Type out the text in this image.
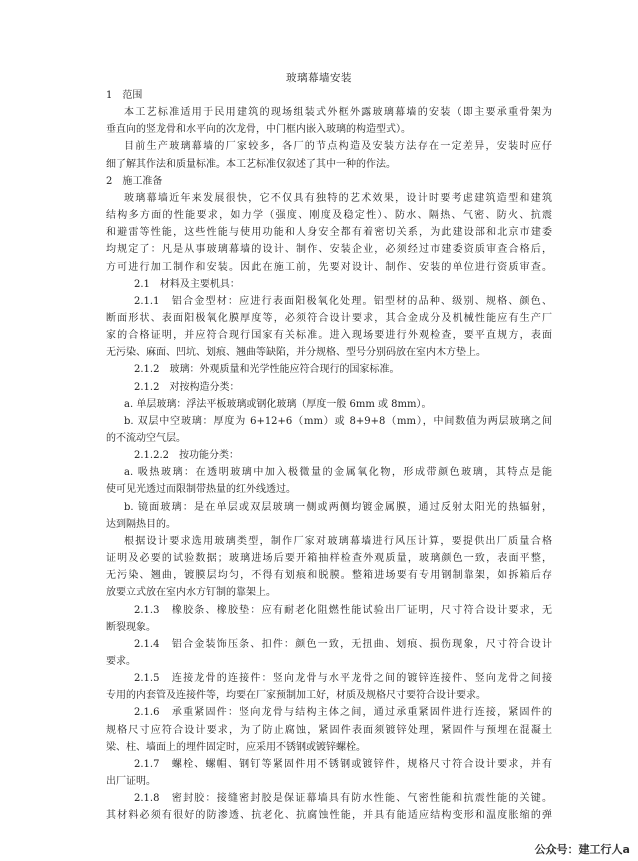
玻璃幕墙安装
1　范围
本工艺标准适用于民用建筑的现场组装式外框外露玻璃幕墙的安装（即主要承重骨架为
垂直向的竖龙骨和水平向的次龙骨，中门框内嵌入玻璃的构造型式）。
目前生产玻璃幕墙的厂家较多，各厂的节点构造及安装方法存在一定差异，安装时应仔
细了解其作法和质量标准。本工艺标准仅叙述了其中一种的作法。
2　施工准备
玻璃幕墙近年来发展很快，它不仅具有独特的艺术效果，设计时要考虑建筑造型和建筑
结构多方面的性能要求，如力学（强度、刚度及稳定性）、防水、隔热、气密、防火、抗震
和避雷等性能，这些性能与使用功能和人身安全都有着密切关系，为此建设部和北京市建委
均规定了：凡是从事玻璃幕墙的设计、制作、安装企业，必须经过市建委资质审查合格后，
方可进行加工制作和安装。因此在施工前，先要对设计、制作、安装的单位进行资质审查。
2.1　材料及主要机具：
2.1.1　铝合金型材：应进行表面阳极氧化处理。铝型材的品种、级别、规格、颜色、
断面形状、表面阳极氧化膜厚度等，必须符合设计要求，其合金成分及机械性能应有生产厂
家的合格证明，并应符合现行国家有关标准。进入现场要进行外观检查，要平直规方，表面
无污染、麻面、凹坑、划痕、翘曲等缺陷，并分规格、型号分别码放在室内木方垫上。
2.1.2　玻璃：外观质量和光学性能应符合现行的国家标准。
2.1.2　对按构造分类：
a. 单层玻璃：浮法平板玻璃或钢化玻璃（厚度一般 6mm 或 8mm）。
b. 双层中空玻璃：厚度为 6+12+6（mm）或 8+9+8（mm），中间数值为两层玻璃之间
的不流动空气层。
2.1.2.2　按功能分类：
a. 吸热玻璃：在透明玻璃中加入极微量的金属氧化物，形成带颜色玻璃，其特点是能
使可见光透过而限制带热量的红外线透过。
b. 镜面玻璃：是在单层或双层玻璃一侧或两侧均镀金属膜，通过反射太阳光的热辐射，
达到隔热目的。
根据设计要求选用玻璃类型，制作厂家对玻璃幕墙进行风压计算，要提供出厂质量合格
证明及必要的试验数据；玻璃进场后要开箱抽样检查外观质量，玻璃颜色一致，表面平整，
无污染、翘曲，镀膜层均匀，不得有划痕和脱膜。整箱进场要有专用钢制靠架，如拆箱后存
放要立式放在室内水方钉制的靠架上。
2.1.3　橡胶条、橡胶垫：应有耐老化阻燃性能试验出厂证明，尺寸符合设计要求，无
断裂现象。
2.1.4　铝合金装饰压条、扣件：颜色一致，无扭曲、划痕、损伤现象，尺寸符合设计
要求。
2.1.5　连接龙骨的连接件：竖向龙骨与水平龙骨之间的镀锌连接件、竖向龙骨之间接
专用的内套管及连接件等，均要在厂家预制加工好，材质及规格尺寸要符合设计要求。
2.1.6　承重紧固件：竖向龙骨与结构主体之间，通过承重紧固件进行连接，紧固件的
规格尺寸应符合设计要求，为了防止腐蚀，紧固件表面须镀锌处理，紧固件与预埋在混凝土
梁、柱、墙面上的埋件固定时，应采用不锈钢或镀锌螺栓。
2.1.7　螺栓、螺帽、钢钉等紧固件用不锈钢或镀锌件，规格尺寸符合设计要求，并有
出厂证明。
2.1.8　密封胶：接缝密封胶是保证幕墙具有防水性能、气密性能和抗震性能的关键。
其材料必须有很好的防渗透、抗老化、抗腐蚀性能，并具有能适应结构变形和温度胀缩的弹
公众号：建工行人a
